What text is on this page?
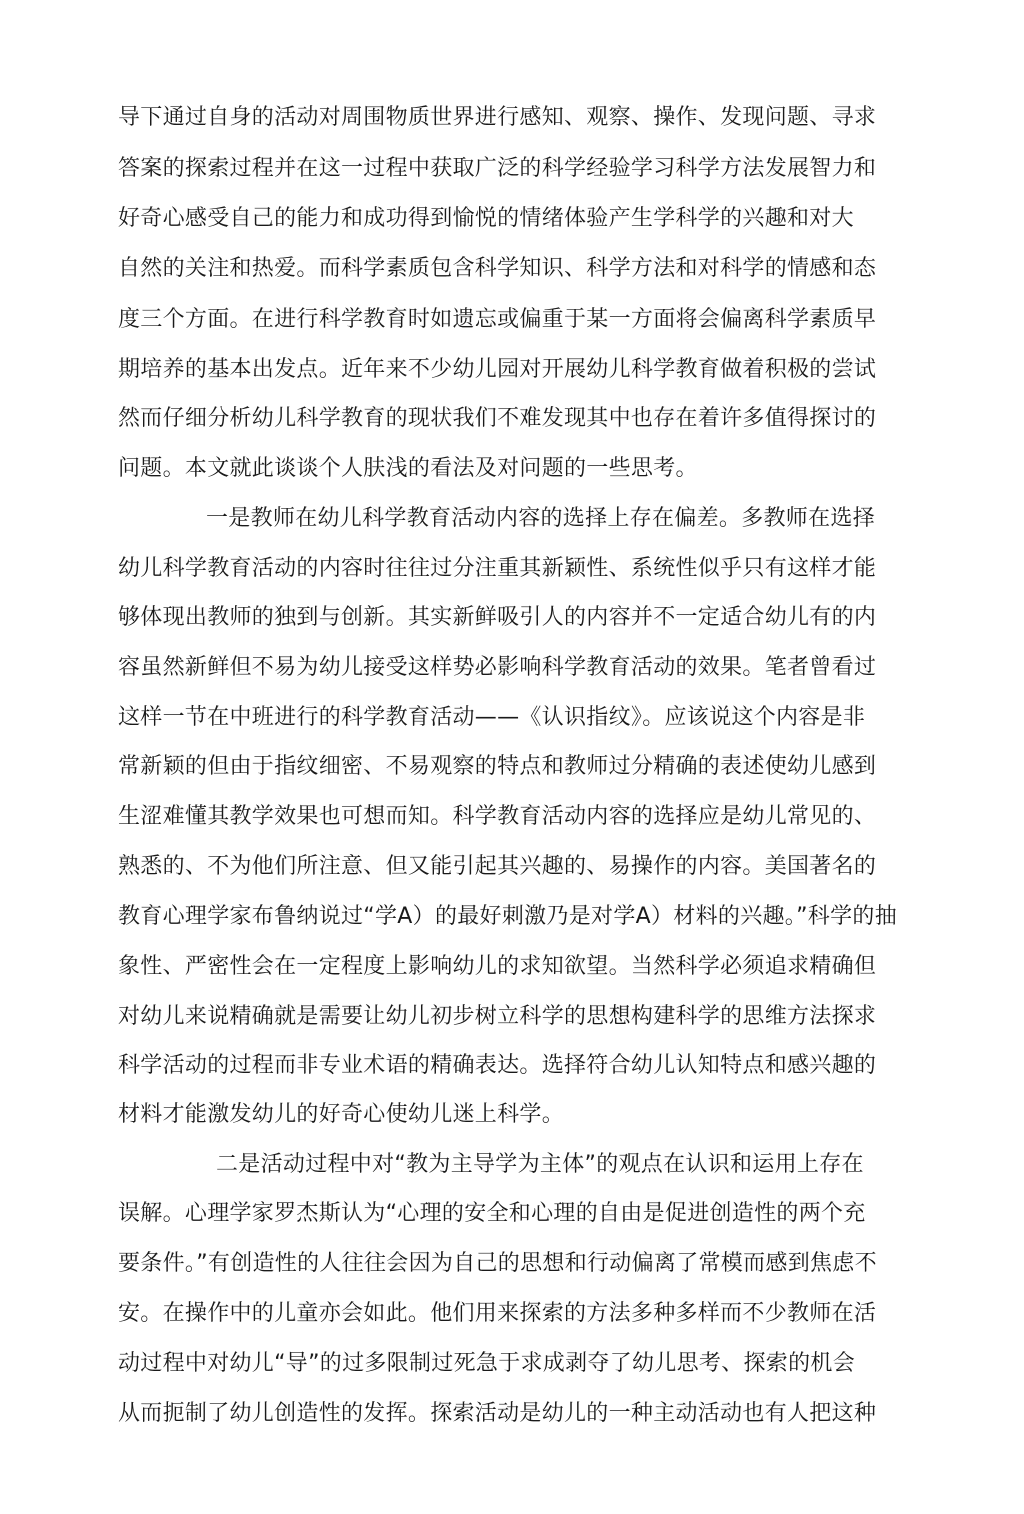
导下通过自身的活动对周围物质世界进行感知、观察、操作、发现问题、寻求
答案的探索过程并在这一过程中获取广泛的科学经验学习科学方法发展智力和
好奇心感受自己的能力和成功得到愉悦的情绪体验产生学科学的兴趣和对大
自然的关注和热爱。而科学素质包含科学知识、科学方法和对科学的情感和态
度三个方面。在进行科学教育时如遗忘或偏重于某一方面将会偏离科学素质早
期培养的基本出发点。近年来不少幼儿园对开展幼儿科学教育做着积极的尝试
然而仔细分析幼儿科学教育的现状我们不难发现其中也存在着许多值得探讨的
问题。本文就此谈谈个人肤浅的看法及对问题的一些思考。
一是教师在幼儿科学教育活动内容的选择上存在偏差。多教师在选择
幼儿科学教育活动的内容时往往过分注重其新颖性、系统性似乎只有这样才能
够体现出教师的独到与创新。其实新鲜吸引人的内容并不一定适合幼儿有的内
容虽然新鲜但不易为幼儿接受这样势必影响科学教育活动的效果。笔者曾看过
这样一节在中班进行的科学教育活动——《认识指纹》。应该说这个内容是非
常新颖的但由于指纹细密、不易观察的特点和教师过分精确的表述使幼儿感到
生涩难懂其教学效果也可想而知。科学教育活动内容的选择应是幼儿常见的、
熟悉的、不为他们所注意、但又能引起其兴趣的、易操作的内容。美国著名的
教育心理学家布鲁纳说过“学A）的最好刺激乃是对学A）材料的兴趣。”科学的抽
象性、严密性会在一定程度上影响幼儿的求知欲望。当然科学必须追求精确但
对幼儿来说精确就是需要让幼儿初步树立科学的思想构建科学的思维方法探求
科学活动的过程而非专业术语的精确表达。选择符合幼儿认知特点和感兴趣的
材料才能激发幼儿的好奇心使幼儿迷上科学。
二是活动过程中对“教为主导学为主体”的观点在认识和运用上存在
误解。心理学家罗杰斯认为“心理的安全和心理的自由是促进创造性的两个充
要条件。”有创造性的人往往会因为自己的思想和行动偏离了常模而感到焦虑不
安。在操作中的儿童亦会如此。他们用来探索的方法多种多样而不少教师在活
动过程中对幼儿“导”的过多限制过死急于求成剥夺了幼儿思考、探索的机会
从而扼制了幼儿创造性的发挥。探索活动是幼儿的一种主动活动也有人把这种
